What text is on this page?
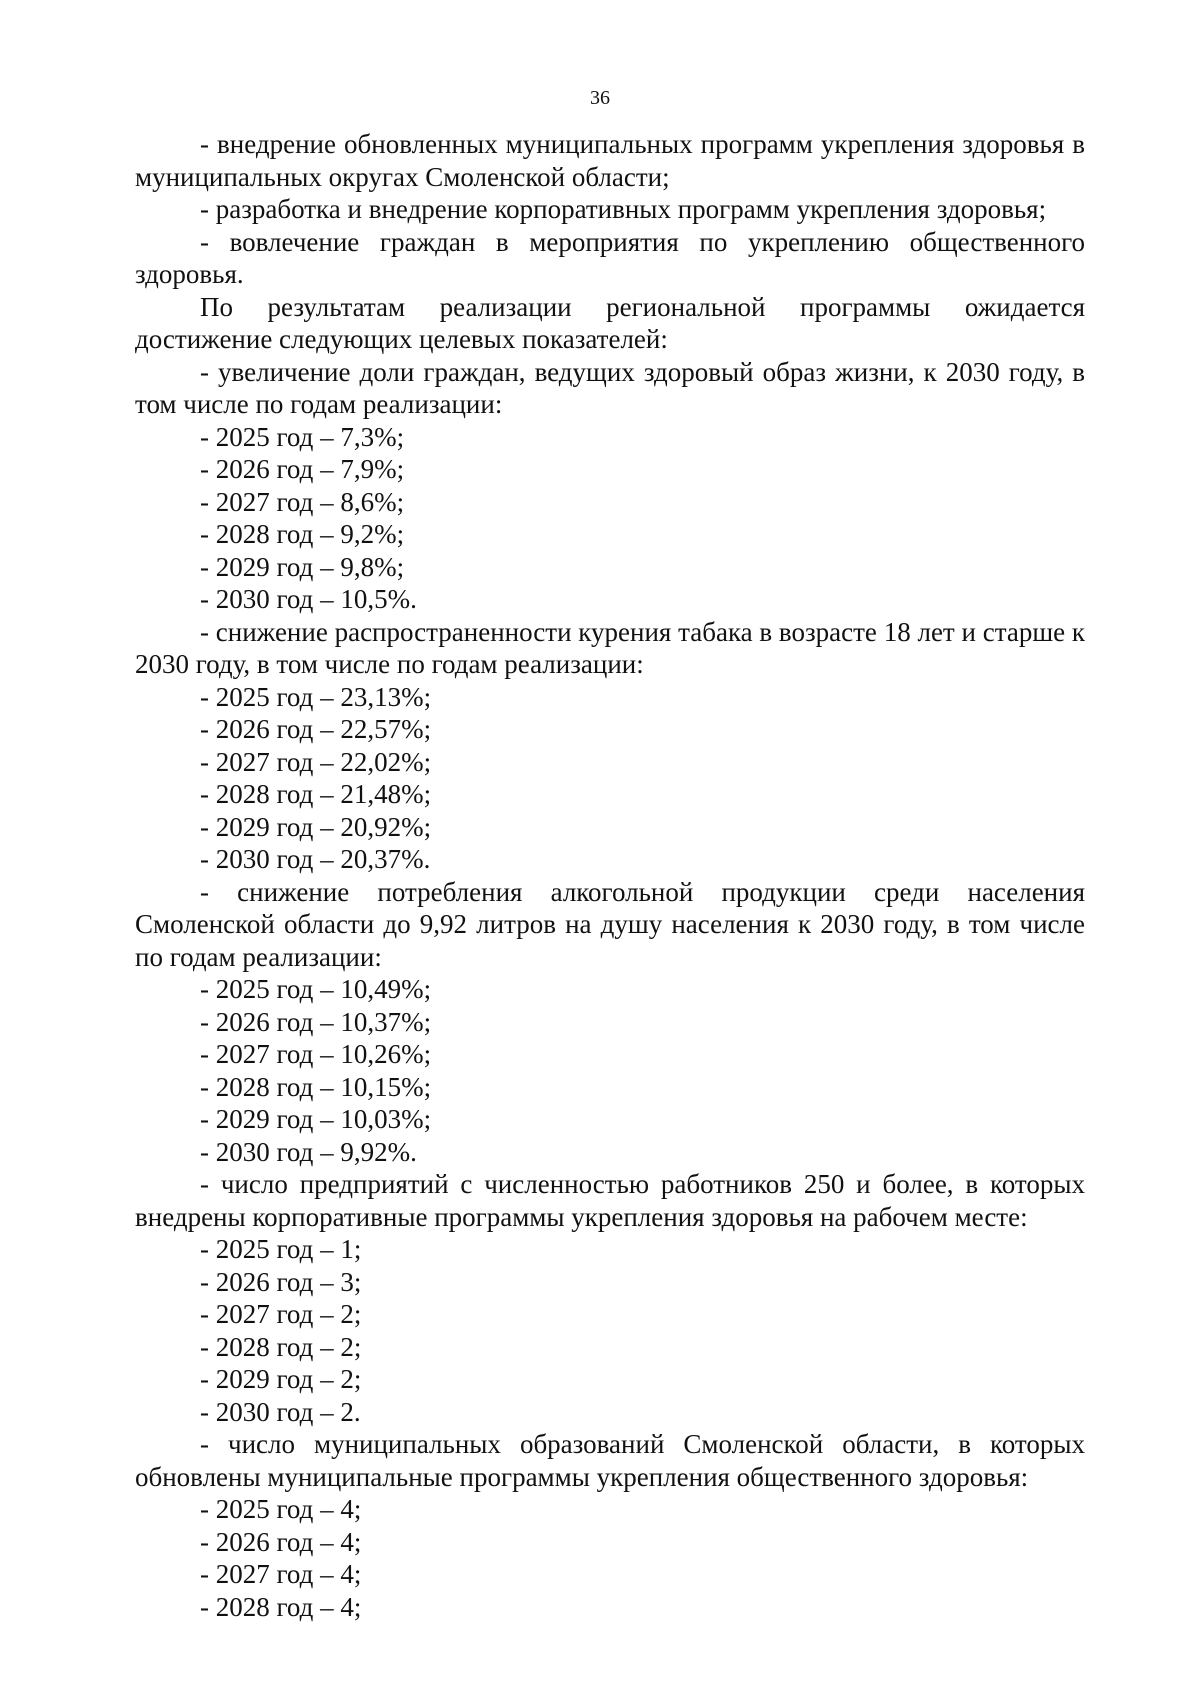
36

- внедрение обновленных муниципальных программ укрепления здоровья в муниципальных округах Смоленской области;

- разработка и внедрение корпоративных программ укрепления здоровья;

- вовлечение граждан в мероприятия по укреплению общественного здоровья.

По результатам реализации региональной программы ожидается достижение следующих целевых показателей:

- увеличение доли граждан, ведущих здоровый образ жизни, к 2030 году, в том числе по годам реализации:

- 2025 год – 7,3%;
- 2026 год – 7,9%;
- 2027 год – 8,6%;
- 2028 год – 9,2%;
- 2029 год – 9,8%;
- 2030 год – 10,5%.

- снижение распространенности курения табака в возрасте 18 лет и старше к 2030 году, в том числе по годам реализации:

- 2025 год – 23,13%;
- 2026 год – 22,57%;
- 2027 год – 22,02%;
- 2028 год – 21,48%;
- 2029 год – 20,92%;
- 2030 год – 20,37%.

- снижение потребления алкогольной продукции среди населения Смоленской области до 9,92 литров на душу населения к 2030 году, в том числе по годам реализации:

- 2025 год – 10,49%;
- 2026 год – 10,37%;
- 2027 год – 10,26%;
- 2028 год – 10,15%;
- 2029 год – 10,03%;
- 2030 год – 9,92%.

- число предприятий с численностью работников 250 и более, в которых внедрены корпоративные программы укрепления здоровья на рабочем месте:

- 2025 год – 1;
- 2026 год – 3;
- 2027 год – 2;
- 2028 год – 2;
- 2029 год – 2;
- 2030 год – 2.

- число муниципальных образований Смоленской области, в которых обновлены муниципальные программы укрепления общественного здоровья:

- 2025 год – 4;
- 2026 год – 4;
- 2027 год – 4;
- 2028 год – 4;
